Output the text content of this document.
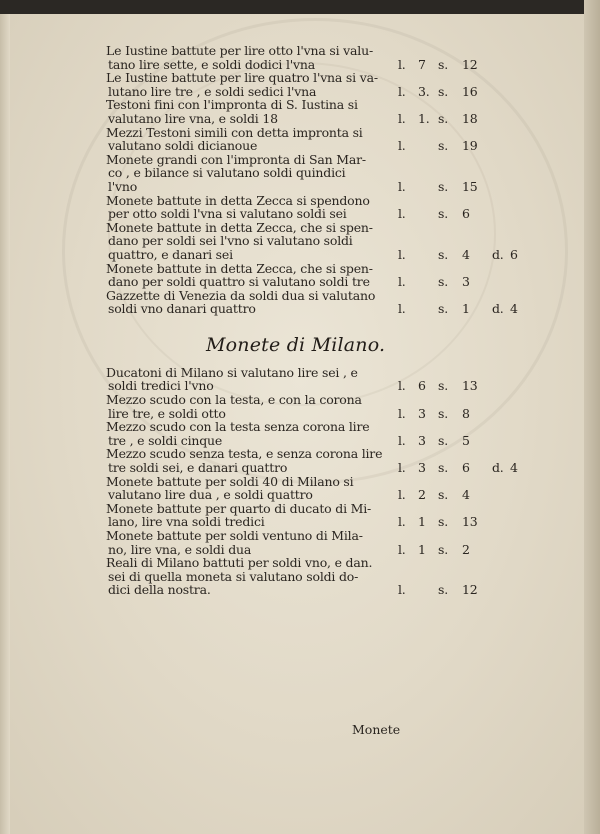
Le Iustine battute per lire otto l'vna si valu-
tano lire sette, e soldi dodici l'vna	l. 7 s. 12
Le Iustine battute per lire quatro l'vna si va-
lutano lire tre , e soldi sedici l'vna	l. 3. s. 16
Testoni fini con l'impronta di S. Iustina si
valutano lire vna, e soldi 18	l. 1. s. 18
Mezzi Testoni simili con detta impronta si
valutano soldi dicianoue	l.	s. 19
Monete grandi con l'impronta di San Mar-
co , e bilance si valutano soldi quindici
l'vno	l.	s. 15
Monete battute in detta Zecca si spendono
per otto soldi l'vna si valutano soldi sei	l.	s. 6
Monete battute in detta Zecca, che si spen-
dano per soldi sei l'vno si valutano soldi
quattro, e danari sei	l.	s. 4 d. 6
Monete battute in detta Zecca, che si spen-
dano per soldi quattro si valutano soldi tre l.	s. 3
Gazzette di Venezia da soldi dua si valutano
soldi vno danari quattro	l.	s. 1 d. 4
Monete di Milano.
Ducatoni di Milano si valutano lire sei , e
soldi tredici l'vno	l. 6 s. 13
Mezzo scudo con la testa, e con la corona
lire tre, e soldi otto	l. 3 s. 8
Mezzo scudo con la testa senza corona lire
tre , e soldi cinque	l. 3 s. 5
Mezzo scudo senza testa, e senza corona lire
tre soldi sei, e danari quattro	l. 3 s. 6 d. 4
Monete battute per soldi 40 di Milano si
valutano lire dua , e soldi quattro	l. 2 s. 4
Monete battute per quarto di ducato di Mi-
lano, lire vna soldi tredici	l. 1 s. 13
Monete battute per soldi ventuno di Mila-
no, lire vna, e soldi dua	l. 1 s. 2
Reali di Milano battuti per soldi vno, e dan.
sei di quella moneta si valutano soldi do-
dici della nostra.	l.	s. 12
Monete
